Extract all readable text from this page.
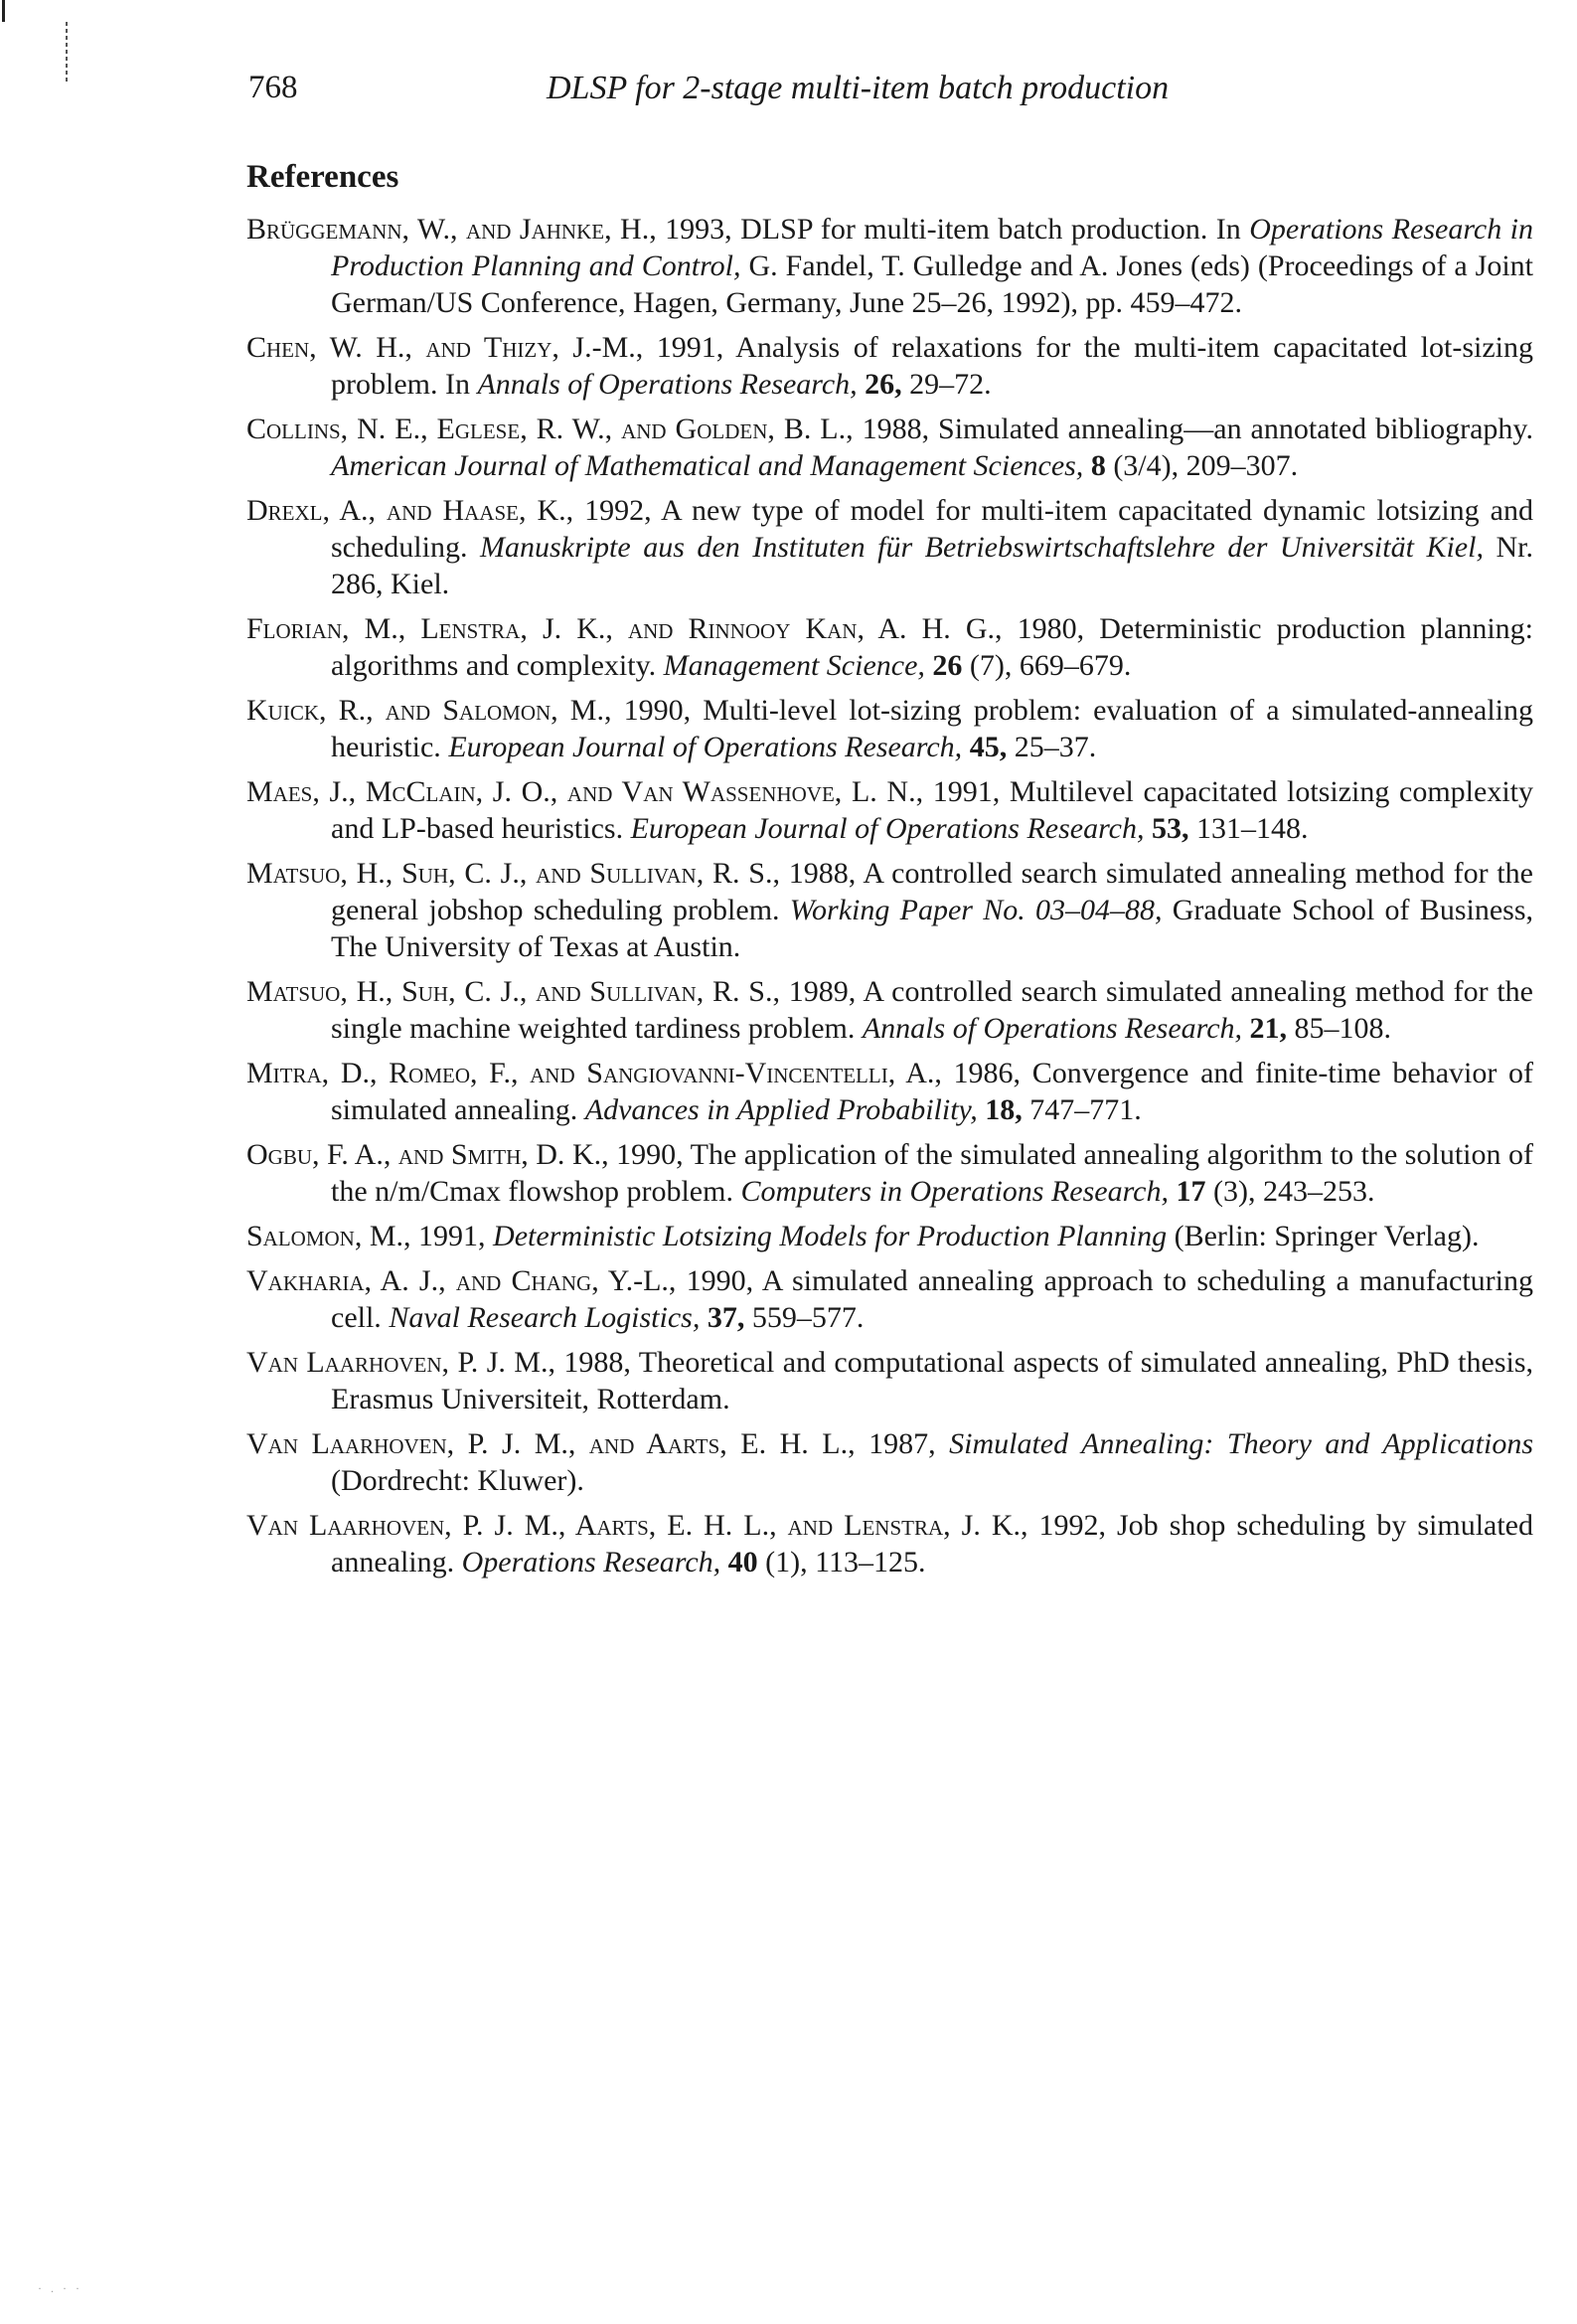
768	DLSP for 2-stage multi-item batch production
References
Brüggemann, W., and Jahnke, H., 1993, DLSP for multi-item batch production. In Operations Research in Production Planning and Control, G. Fandel, T. Gulledge and A. Jones (eds) (Proceedings of a Joint German/US Conference, Hagen, Germany, June 25–26, 1992), pp. 459–472.
Chen, W. H., and Thizy, J.-M., 1991, Analysis of relaxations for the multi-item capacitated lot-sizing problem. In Annals of Operations Research, 26, 29–72.
Collins, N. E., Eglese, R. W., and Golden, B. L., 1988, Simulated annealing—an annotated bibliography. American Journal of Mathematical and Management Sciences, 8 (3/4), 209–307.
Drexl, A., and Haase, K., 1992, A new type of model for multi-item capacitated dynamic lotsizing and scheduling. Manuskripte aus den Instituten für Betriebswirtschaftslehre der Universität Kiel, Nr. 286, Kiel.
Florian, M., Lenstra, J. K., and Rinnooy Kan, A. H. G., 1980, Deterministic production planning: algorithms and complexity. Management Science, 26 (7), 669–679.
Kuick, R., and Salomon, M., 1990, Multi-level lot-sizing problem: evaluation of a simulated-annealing heuristic. European Journal of Operations Research, 45, 25–37.
Maes, J., McClain, J. O., and Van Wassenhove, L. N., 1991, Multilevel capacitated lotsizing complexity and LP-based heuristics. European Journal of Operations Research, 53, 131–148.
Matsuo, H., Suh, C. J., and Sullivan, R. S., 1988, A controlled search simulated annealing method for the general jobshop scheduling problem. Working Paper No. 03–04–88, Graduate School of Business, The University of Texas at Austin.
Matsuo, H., Suh, C. J., and Sullivan, R. S., 1989, A controlled search simulated annealing method for the single machine weighted tardiness problem. Annals of Operations Research, 21, 85–108.
Mitra, D., Romeo, F., and Sangiovanni-Vincentelli, A., 1986, Convergence and finite-time behavior of simulated annealing. Advances in Applied Probability, 18, 747–771.
Ogbu, F. A., and Smith, D. K., 1990, The application of the simulated annealing algorithm to the solution of the n/m/Cmax flowshop problem. Computers in Operations Research, 17 (3), 243–253.
Salomon, M., 1991, Deterministic Lotsizing Models for Production Planning (Berlin: Springer Verlag).
Vakharia, A. J., and Chang, Y.-L., 1990, A simulated annealing approach to scheduling a manufacturing cell. Naval Research Logistics, 37, 559–577.
Van Laarhoven, P. J. M., 1988, Theoretical and computational aspects of simulated annealing, PhD thesis, Erasmus Universiteit, Rotterdam.
Van Laarhoven, P. J. M., and Aarts, E. H. L., 1987, Simulated Annealing: Theory and Applications (Dordrecht: Kluwer).
Van Laarhoven, P. J. M., Aarts, E. H. L., and Lenstra, J. K., 1992, Job shop scheduling by simulated annealing. Operations Research, 40 (1), 113–125.
· . · ·
